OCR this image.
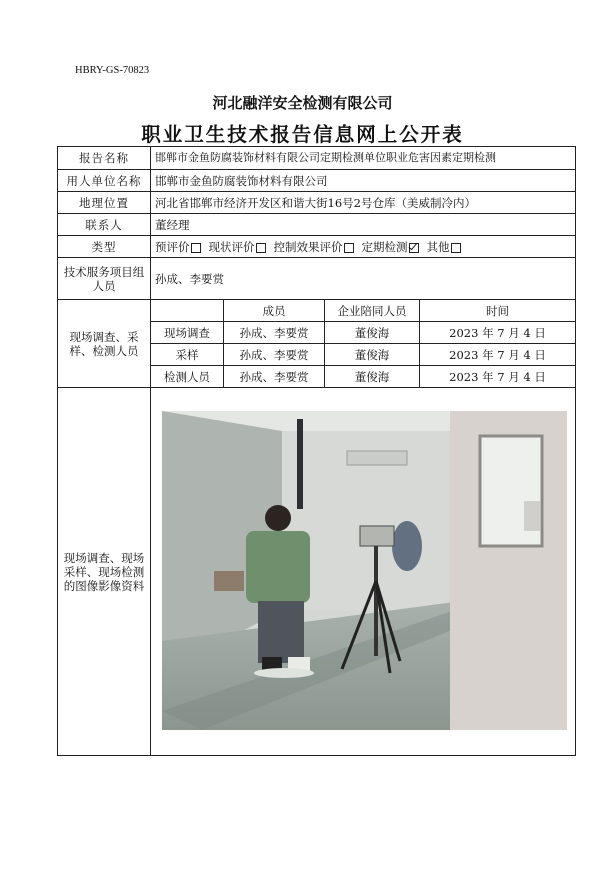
HBRY-GS-70823
河北融洋安全检测有限公司
职业卫生技术报告信息网上公开表
报告名称	邯郸市金鱼防腐装饰材料有限公司定期检测单位职业危害因素定期检测			
用人单位名称	邯郸市金鱼防腐装饰材料有限公司			
地理位置	河北省邯郸市经济开发区和谐大街16号2号仓库（美威制冷内）			
联系人	董经理			
类型	预评价 现状评价 控制效果评价 定期检测 其他			
技术服务项目组人员	孙成、李要赏			
现场调查、采样、检测人员		成员	企业陪同人员	时间
	现场调查	孙成、李要赏	董俊海	2023 年 7 月 4 日
	采样	孙成、李要赏	董俊海	2023 年 7 月 4 日
	检测人员	孙成、李要赏	董俊海	2023 年 7 月 4 日
现场调查、现场采样、现场检测的图像影像资料	
